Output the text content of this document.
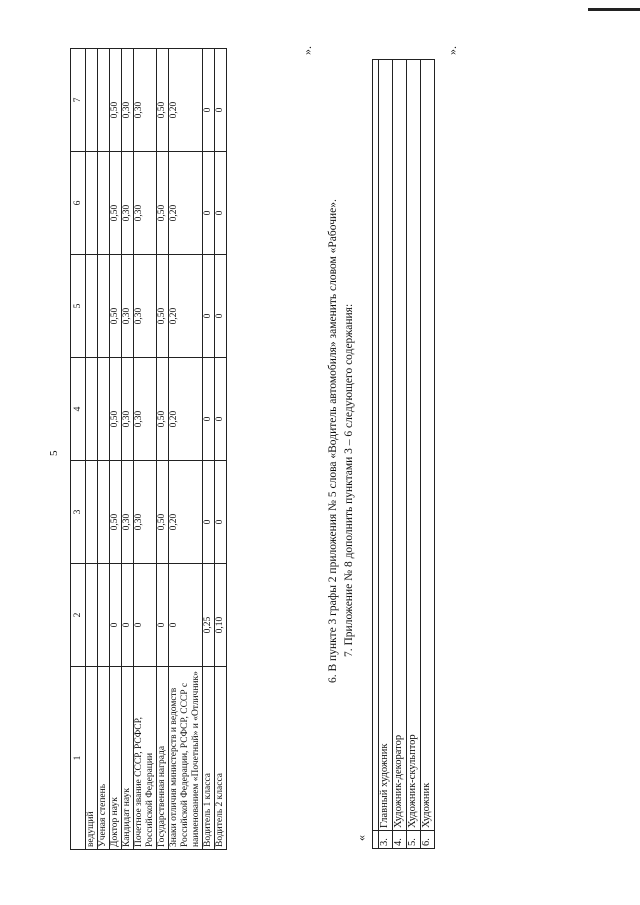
5
1	2	3	4	5	6	7
ведущий						
Ученая степень						
Доктор наук	0	0,50	0,50	0,50	0,50	0,50
Кандидат наук	0	0,30	0,30	0,30	0,30	0,30
Почетное звание СССР, РСФСР, Российской Федерации	0	0,30	0,30	0,30	0,30	0,30
Государственная награда	0	0,50	0,50	0,50	0,50	0,50
Знаки отличия министерств и ведомств Российской Федерации, РСФСР, СССР с наименованием «Почетный» и «Отличник»	0	0,20	0,20	0,20	0,20	0,20
Водитель 1 класса	0,25	0	0	0	0	0
Водитель 2 класса	0,10	0	0	0	0	0
».
6. В пункте 3 графы 2 приложения № 5 слова «Водитель автомобиля» заменить словом «Рабочие». 7. Приложение № 8 дополнить пунктами 3 – 6 следующего содержания:
«

3.	Главный художник
4.	Художник-декоратор
5.	Художник-скульптор
6.	Художник
».
